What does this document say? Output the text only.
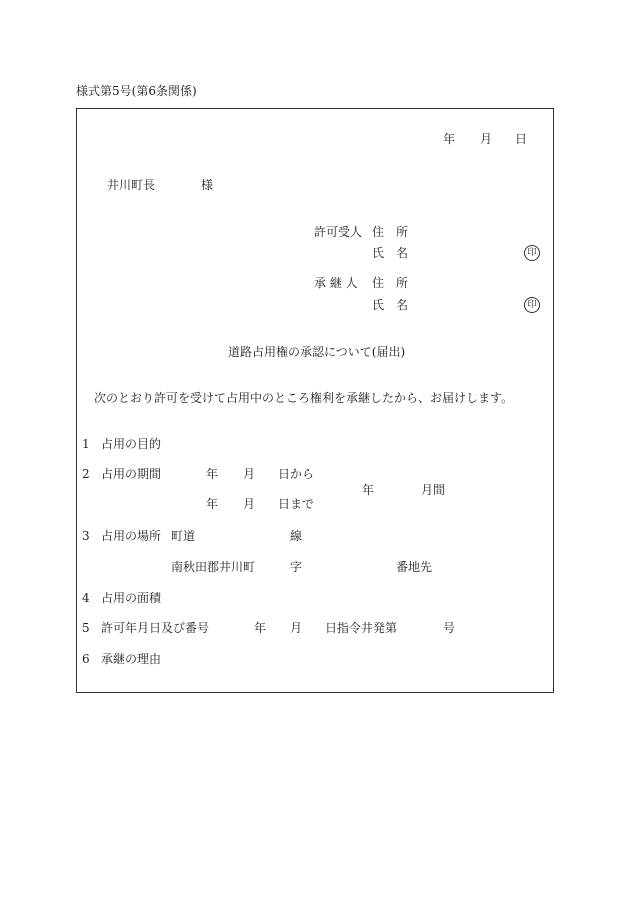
様式第5号(第6条関係)
年 月 日
井川町長	様
許可受人 住　所
氏　名	印
承 継 人 住　所
氏　名	印
道路占用権の承認について(届出)
次のとおり許可を受けて占用中のところ権利を承継したから、お届けします。
1 占用の目的
2 占用の期間	年 月 日から
年	月間
年 月 日まで
3 占用の場所 町道	線
南秋田郡井川町	字	番地先
4 占用の面積
5 許可年月日及び番号	年 月 日指令井発第	号
6 承継の理由
